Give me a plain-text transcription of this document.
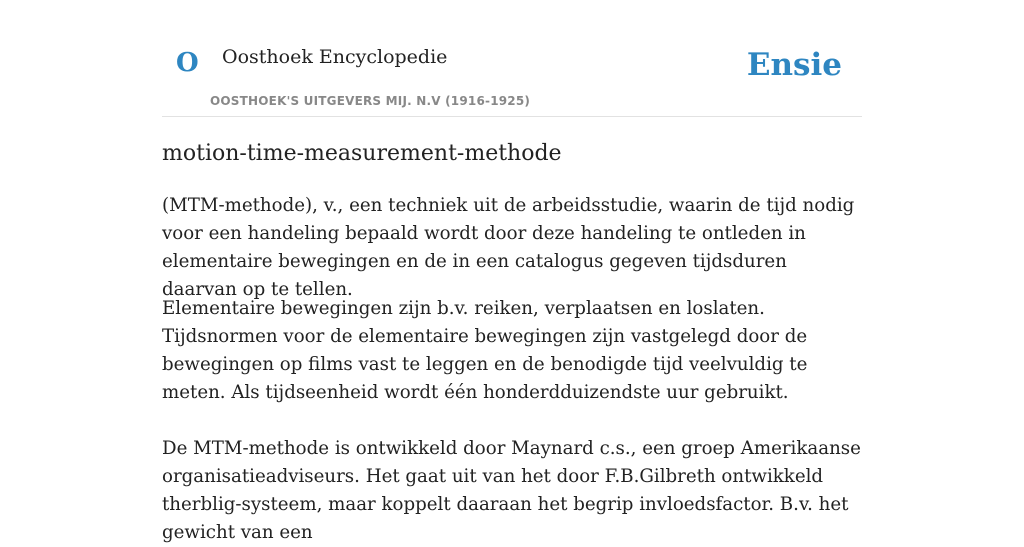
O Oosthoek Encyclopedie
OOSTHOEK'S UITGEVERS MIJ. N.V (1916-1925)
Ensie
motion-time-measurement-methode

(MTM-methode), v., een techniek uit de arbeidsstudie, waarin de tijd nodig voor een handeling bepaald wordt door deze handeling te ontleden in elementaire bewegingen en de in een catalogus gegeven tijdsduren daarvan op te tellen.

Elementaire bewegingen zijn b.v. reiken, verplaatsen en loslaten. Tijdsnormen voor de elementaire bewegingen zijn vastgelegd door de bewegingen op films vast te leggen en de benodigde tijd veelvuldig te meten. Als tijdseenheid wordt één honderdduizendste uur gebruikt.

De MTM-methode is ontwikkeld door Maynard c.s., een groep Amerikaanse organisatieadviseurs. Het gaat uit van het door F.B.Gilbreth ontwikkeld therblig-systeem, maar koppelt daaraan het begrip invloedsfactor. B.v. het gewicht van een
